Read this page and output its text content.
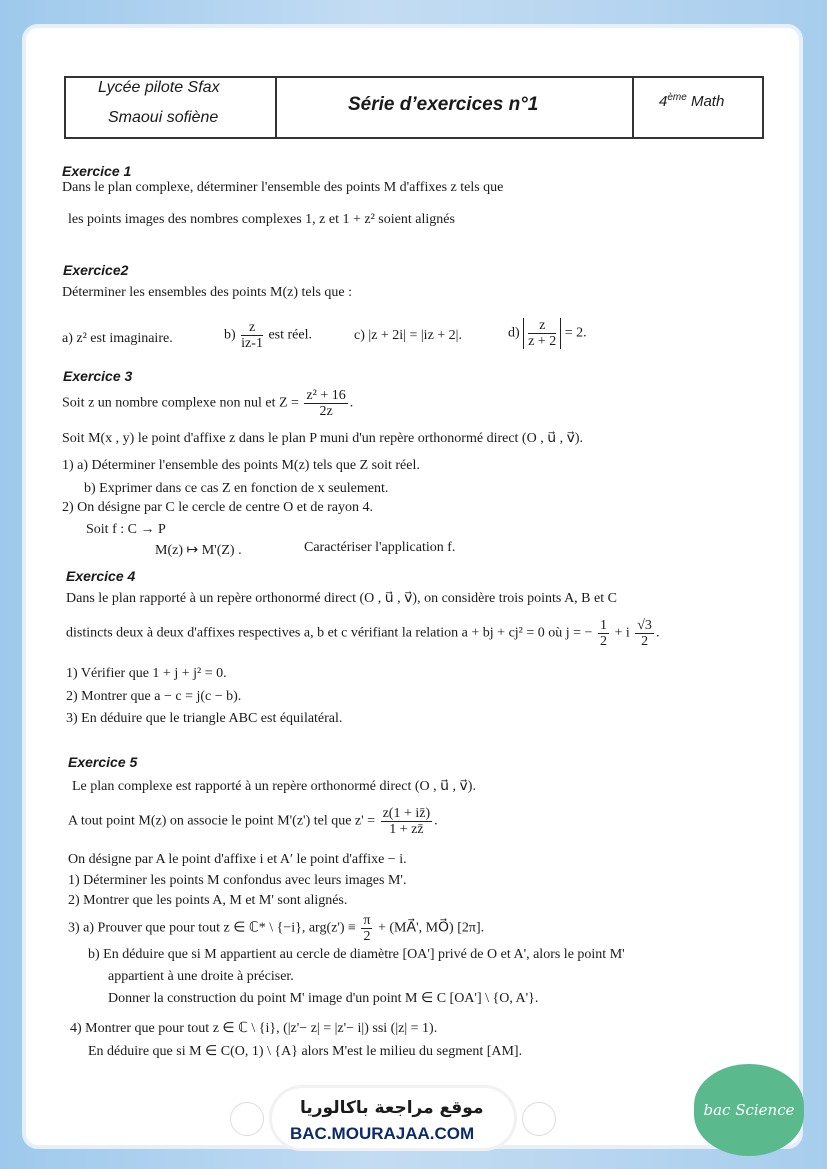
Lycée pilote Sfax
Smaoui sofiène
Série d’exercices n°1	4ème Math
Exercice 1
Dans le plan complexe, déterminer l'ensemble des points M d'affixes z tels que
les points images des nombres complexes 1, z et 1 + z² soient alignés
Exercice2
Déterminer les ensembles des points M(z) tels que :
a) z² est imaginaire.	$b) \frac{z}{iz-1}$ est réel.	c) |z + 2i| = |iz + 2|.	$d) \frac{z}{z + 2} = 2$.
Exercice 3
Soit z un nombre complexe non nul et $Z = \frac{\text{z² + 16}}{2z}$ .
Soit M(x , y) le point d'affixe z dans le plan P muni d'un repère orthonormé direct (O , u⃗ , v⃗).
1) a) Déterminer l'ensemble des points M(z) tels que Z soit réel.
b) Exprimer dans ce cas Z en fonction de x seulement.
2) On désigne par C le cercle de centre O et de rayon 4.
Soit f : C → P
M(z) ↦ M'(Z) .	Caractériser l'application f.
Exercice 4
Dans le plan rapporté à un repère orthonormé direct (O , u⃗ , v⃗), on considère trois points A, B et C
distincts deux à deux d'affixes respectives a, b et c vérifiant la relation a + bj + cj² = 0 où j = − $\frac{1}{2} + i \frac{√3}{2}$ .
1) Vérifier que 1 + j + j² = 0.
2) Montrer que a − c = j(c − b).
3) En déduire que le triangle ABC est équilatéral.
Exercice 5
Le plan complexe est rapporté à un repère orthonormé direct (O , u⃗ , v⃗).
A tout point M(z) on associe le point M'(z') tel que $z' = \frac{z(1 + iz̄)}{1 + zz̄}$ .
On désigne par A le point d'affixe i et A′ le point d'affixe − i.
1) Déterminer les points M confondus avec leurs images M'.
2) Montrer que les points A, M et M' sont alignés.
3) a) Prouver que pour tout z ∈ ℂ* \ {−i}, $arg(z') \equiv \frac{\pi}{2}$ + (MA⃗', MO⃗) [2π].
b) En déduire que si M appartient au cercle de diamètre [OA'] privé de O et A', alors le point M'
appartient à une droite à préciser.
Donner la construction du point M' image d'un point M ∈ C [OA'] \ {O, A'}.
4) Montrer que pour tout z ∈ ℂ \ {i}, (|z'− z| = |z'− i|) ssi (|z| = 1).
En déduire que si M ∈ C(O, 1) \ {A} alors M'est le milieu du segment [AM].
موقع مراجعة باكالوريا
BAC.MOURAJAA.COM
bac Science
